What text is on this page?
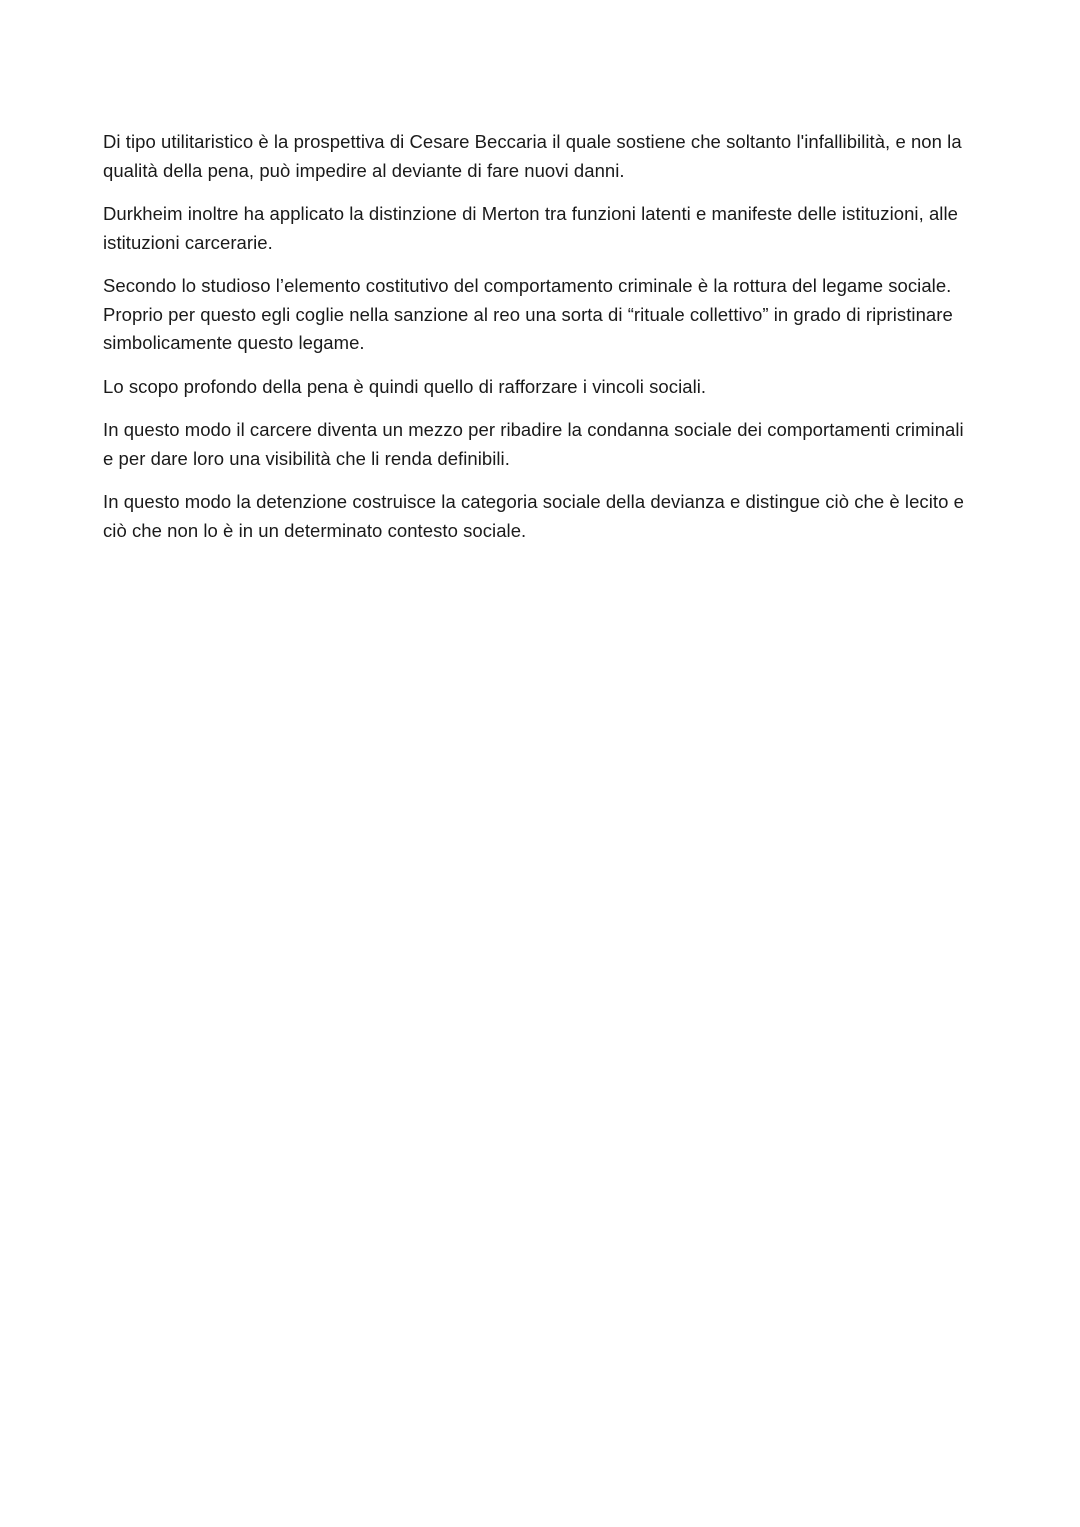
Di tipo utilitaristico è la prospettiva di Cesare Beccaria il quale sostiene che soltanto l'infallibilità, e non la qualità della pena, può impedire al deviante di fare nuovi danni.

Durkheim inoltre ha applicato la distinzione di Merton tra funzioni latenti e manifeste delle istituzioni, alle istituzioni carcerarie.

Secondo lo studioso l’elemento costitutivo del comportamento criminale è la rottura del legame sociale. Proprio per questo egli coglie nella sanzione al reo una sorta di “rituale collettivo” in grado di ripristinare simbolicamente questo legame.

Lo scopo profondo della pena è quindi quello di rafforzare i vincoli sociali.

In questo modo il carcere diventa un mezzo per ribadire la condanna sociale dei comportamenti criminali e per dare loro una visibilità che li renda definibili.

In questo modo la detenzione costruisce la categoria sociale della devianza e distingue ciò che è lecito e ciò che non lo è in un determinato contesto sociale.
